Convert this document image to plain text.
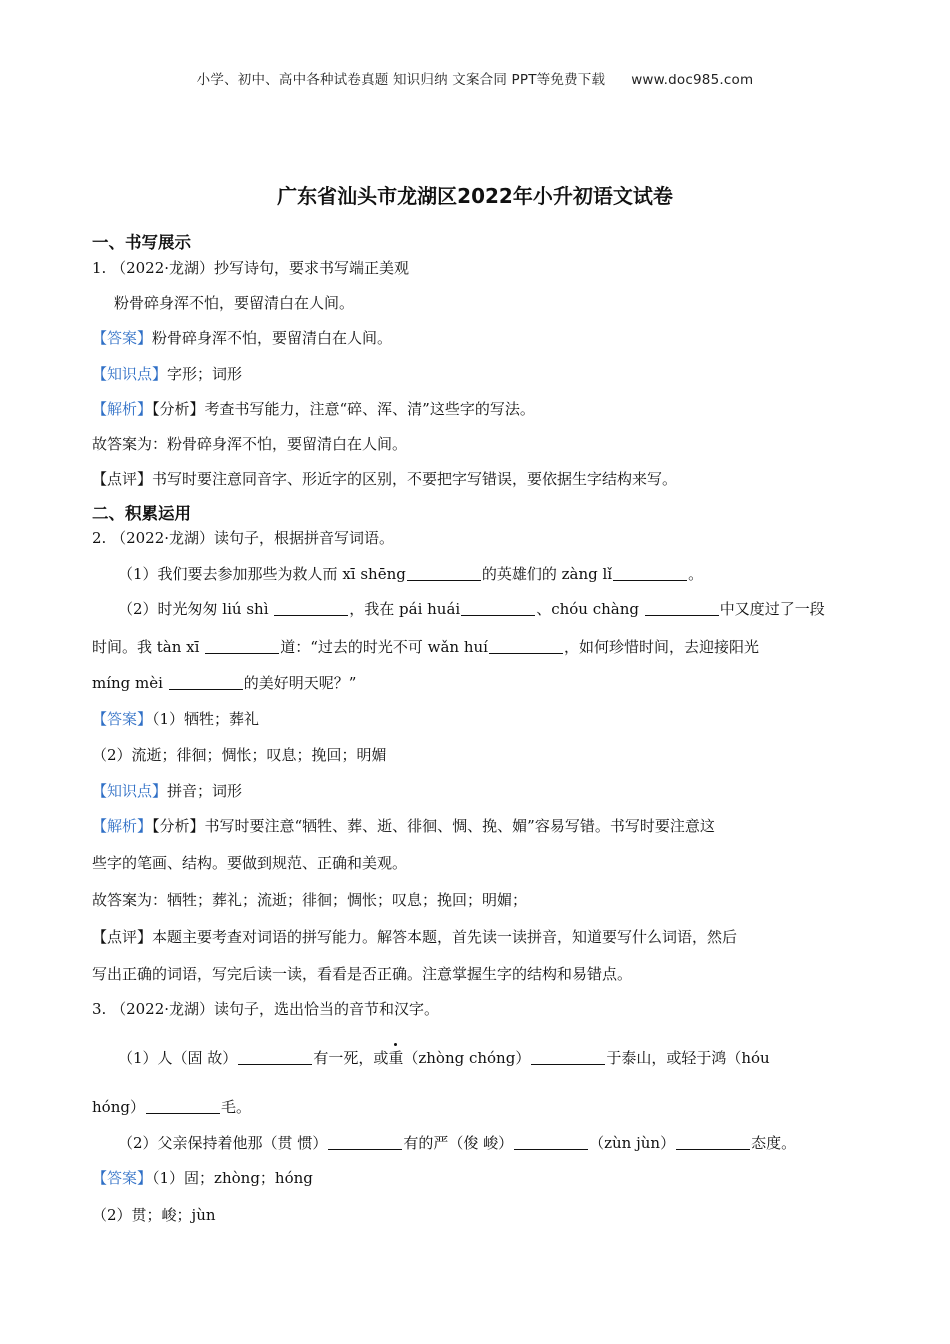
小学、初中、高中各种试卷真题 知识归纳 文案合同 PPT等免费下载 www.doc985.com
广东省汕头市龙湖区2022年小升初语文试卷
一、书写展示
1. （2022·龙湖）抄写诗句，要求书写端正美观
粉骨碎身浑不怕，要留清白在人间。
【答案】粉骨碎身浑不怕，要留清白在人间。
【知识点】字形；词形
【解析】【分析】考查书写能力，注意“碎、浑、清”这些字的写法。
故答案为：粉骨碎身浑不怕，要留清白在人间。
【点评】书写时要注意同音字、形近字的区别，不要把字写错误，要依据生字结构来写。
二、积累运用
2. （2022·龙湖）读句子，根据拼音写词语。
（1）我们要去参加那些为救人而 xī shēng	的英雄们的 zàng lǐ	。
（2）时光匆匆 liú shì	，我在 pái huái	、chóu chàng	中又度过了一段
时间。我 tàn xī	道：“过去的时光不可 wǎn huí	，如何珍惜时间，去迎接阳光
míng mèi	的美好明天呢？”
【答案】（1）牺牲；葬礼
（2）流逝；徘徊；惆怅；叹息；挽回；明媚
【知识点】拼音；词形
【解析】【分析】书写时要注意“牺牲、葬、逝、徘徊、惆、挽、媚”容易写错。书写时要注意这
些字的笔画、结构。要做到规范、正确和美观。
故答案为：牺牲；葬礼；流逝；徘徊；惆怅；叹息；挽回；明媚；
【点评】本题主要考查对词语的拼写能力。解答本题，首先读一读拼音，知道要写什么词语，然后
写出正确的词语，写完后读一读，看看是否正确。注意掌握生字的结构和易错点。
3. （2022·龙湖）读句子，选出恰当的音节和汉字。
（1）人（固 故）	有一死，或重（zhòng chóng）	于泰山，或轻于鸿（hóu
hóng）	毛。
（2）父亲保持着他那（贯 惯）	有的严（俊 峻）	（zùn jùn）	态度。
【答案】（1）固；zhòng；hóng
（2）贯；峻；jùn
